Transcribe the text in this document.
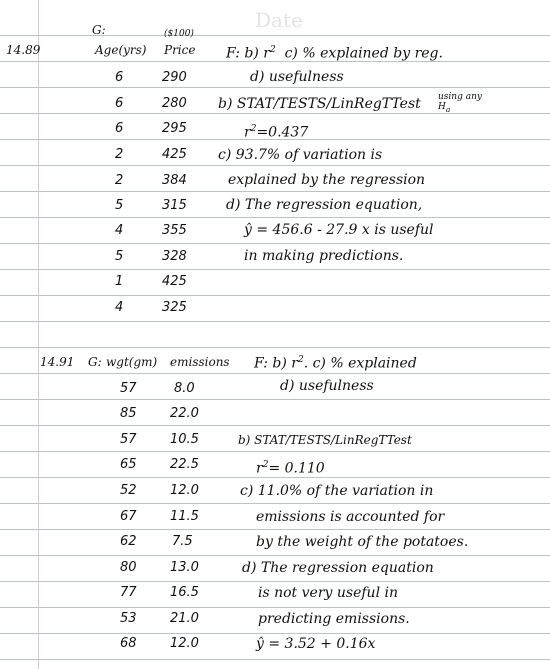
Date
G:	($100)
14.89	Age(yrs) Price
6	290
6	280
6	295
2	425
2	384
5	315
4	355
5	328
1	425
4	325
F: b) $r^2$ c) % explained by reg.
d) usefulness
b) STAT/TESTS/LinRegTTest using any $H_a$
$r^2=0.437$
c) 93.7% of variation is
explained by the regression
d) The regression equation,
ŷ = 456.6 - 27.9 x is useful
in making predictions.
14.91 G: wgt(gm) emissions
57	8.0
85	22.0
57	10.5
65	22.5
52	12.0
67	11.5
62	7.5
80	13.0
77	16.5
53	21.0
68	12.0
F: b) $r^2$. c) % explained
d) usefulness
b) STAT/TESTS/LinRegTTest
$r^2= 0.110$
c) 11.0% of the variation in
emissions is accounted for
by the weight of the potatoes.
d) The regression equation
is not very useful in
predicting emissions.
ŷ = 3.52 + 0.16x
